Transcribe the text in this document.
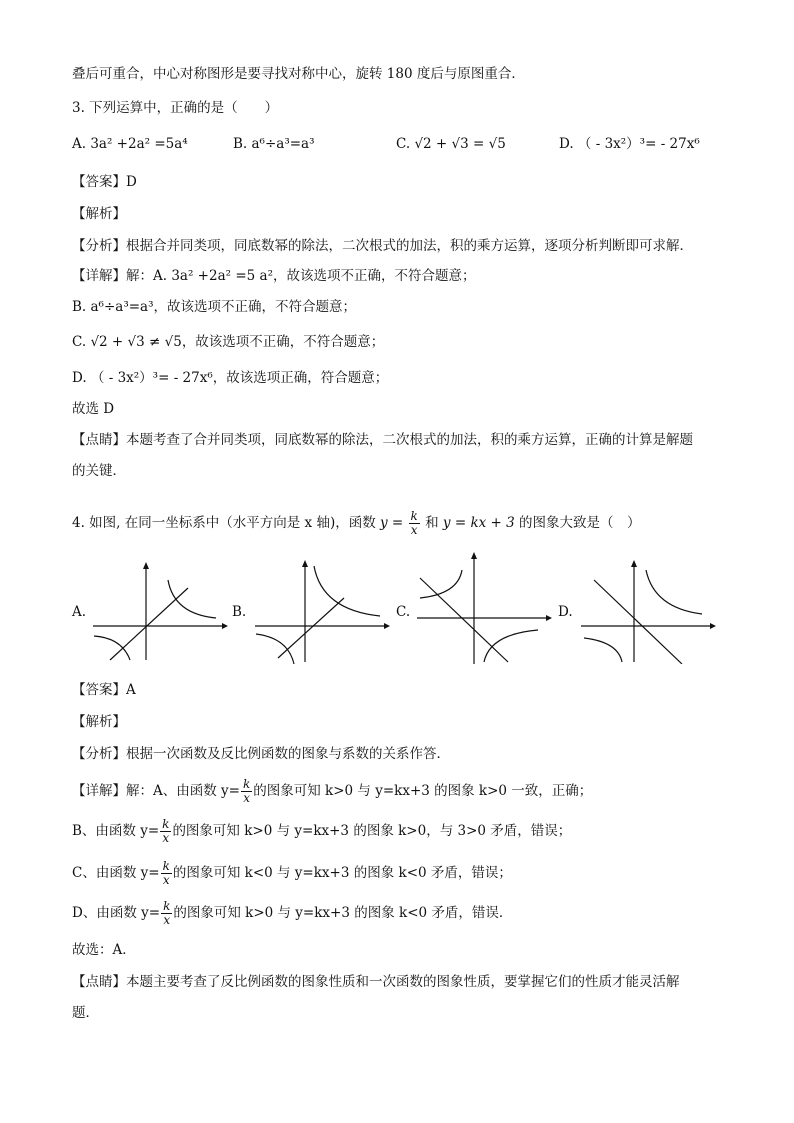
叠后可重合，中心对称图形是要寻找对称中心，旋转 180 度后与原图重合．
3. 下列运算中，正确的是（　　）
A. 3a² +2a² =5a⁴	B. a⁶÷a³=a³	C. √2 + √3 = √5	D. （ - 3x²）³= - 27x⁶
【答案】D
【解析】
【分析】根据合并同类项，同底数幂的除法，二次根式的加法，积的乘方运算，逐项分析判断即可求解．
【详解】解：A. 3a² +2a² =5 a²，故该选项不正确，不符合题意；
B. a⁶÷a³=a³，故该选项不正确，不符合题意；
C. √2 + √3 ≠ √5，故该选项不正确，不符合题意；
D. （ - 3x²）³= - 27x⁶，故该选项正确，符合题意；
故选 D
【点睛】本题考查了合并同类项，同底数幂的除法，二次根式的加法，积的乘方运算，正确的计算是解题
的关键．
4. 如图, 在同一坐标系中（水平方向是 x 轴)，函数 $y = \frac{k}{x}$ 和 y = kx + 3 的图象大致是（　）
A.	B.	C.	D.
【答案】A
【解析】
【分析】根据一次函数及反比例函数的图象与系数的关系作答．
【详解】解：A、由函数 $y= \frac{k}{x}$ 的图象可知 k>0 与 y=kx+3 的图象 k>0 一致，正确；
B、由函数 $y= \frac{k}{x}$ 的图象可知 k>0 与 y=kx+3 的图象 k>0，与 3>0 矛盾，错误；
C、由函数 $y= \frac{k}{x}$ 的图象可知 k<0 与 y=kx+3 的图象 k<0 矛盾，错误；
D、由函数 $y= \frac{k}{x}$ 的图象可知 k>0 与 y=kx+3 的图象 k<0 矛盾，错误．
故选：A．
【点睛】本题主要考查了反比例函数的图象性质和一次函数的图象性质，要掌握它们的性质才能灵活解
题．
